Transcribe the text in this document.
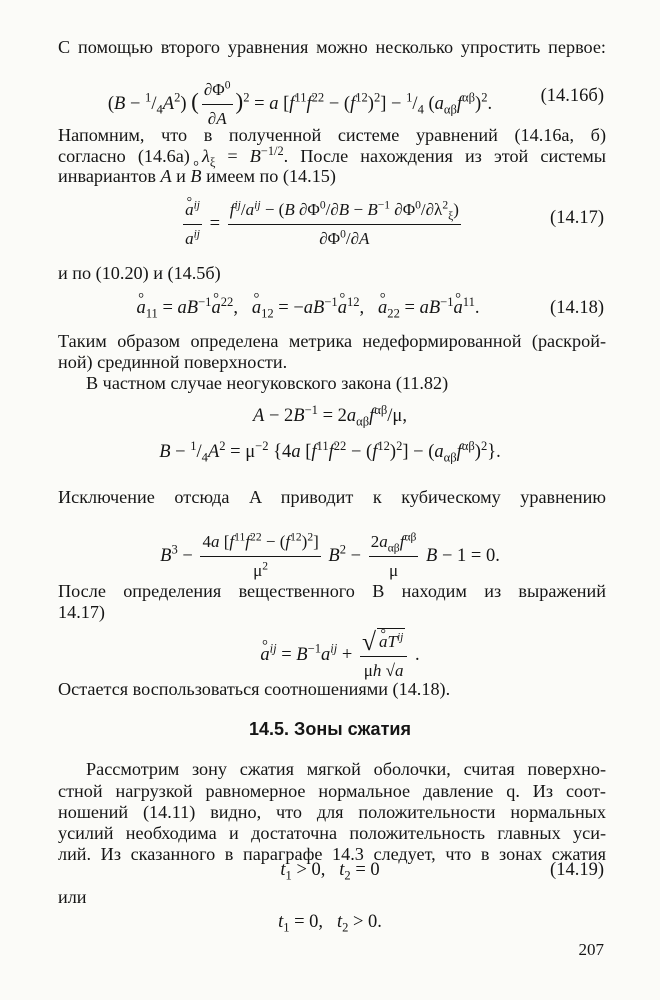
С помощью второго уравнения можно несколько упростить первое:
$(B - ^1/_4A^2)$ ( $\frac{\partial\Phi^0}{\partial A} )^2 = a$ $[f^{11}f^{22} - (f^{12})^2] - ^1/_4$ $(a_{\alpha\beta}f^{\alpha\beta})^2$.	(14.16б)
Напомним, что в полученной системе уравнений (14.16а, б)
согласно (14.6а) $\lambda_\xi = B^{-1/2}$. После нахождения из этой системы
инвариантов A и ° B имеем по (14.15)
° $\frac{a^{ij}}{a^{ij}} = \frac{f^{ij}/a^{ij} - (B \partial\Phi^0/\partial B - B^{-1} \partial\Phi^0/\partial\lambda^2_\xi)}{\partial\Phi^0/\partial A}$	(14.17)
и по (10.20) и (14.5б)
° $a_{11} = aB^{-1}^\circ$ $a^{22}$,   ° $a_{12} = -aB^{-1}^\circ$ $a^{12}$,   ° $a_{22} = aB^{-1}^\circ$ $a^{11}$.	(14.18)
Таким образом определена метрика недеформированной (раскрой-
ной) срединной поверхности.
В частном случае неогуковского закона (11.82)
$A - 2B^{-1} = 2a_{\alpha\beta}f^{\alpha\beta}/\mu$,
$B - ^1/_4A^2 = \mu^{-2}$ {4a $[f^{11}f^{22} - (f^{12})^2] - (a_{\alpha\beta}f^{\alpha\beta})^2$}.
Исключение отсюда A приводит к кубическому уравнению
$B^3 - \frac{4a [f^{11}f^{22} - (f^{12})^2]}{\mu^2} B^2 - \frac{2a_{\alpha\beta}f^{\alpha\beta}}{\mu}$ B − 1 = 0.
После определения вещественного B находим из выражений
14.17)
° $a^{ij} = B^{-1}a^{ij} + \frac{√^\circ aT^{ij}}{\mu h √a}$ .
Остается воспользоваться соотношениями (14.18).
14.5. Зоны сжатия
Рассмотрим зону сжатия мягкой оболочки, считая поверхно-
стной нагрузкой равномерное нормальное давление q. Из соот-
ношений (14.11) видно, что для положительности нормальных
усилий необходима и достаточна положительность главных уси-
лий. Из сказанного в параграфе 14.3 следует, что в зонах сжатия
$t_1 > 0$,   $t_2 = 0$	(14.19)
или
$t_1 = 0$,   $t_2 > 0$.
207
